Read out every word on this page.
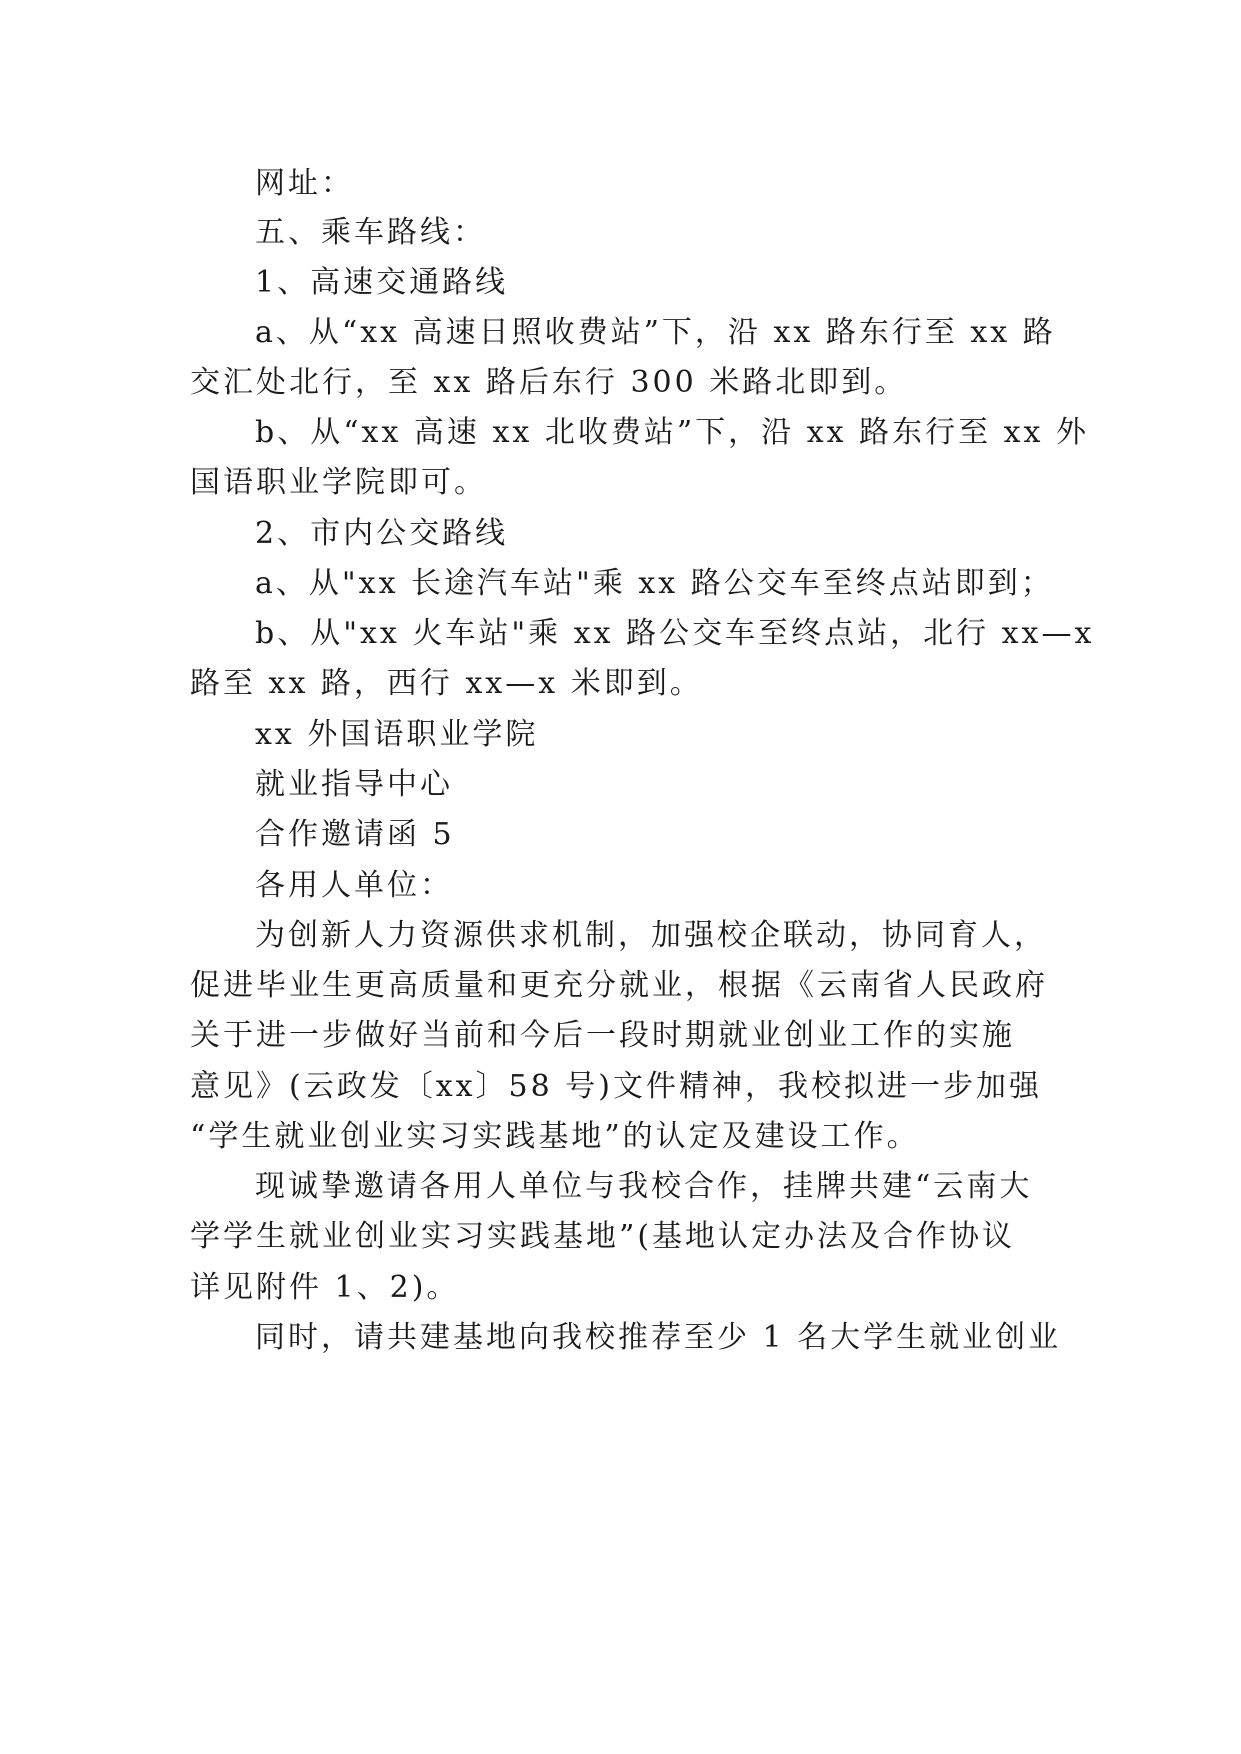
网址：
五、乘车路线：
1、高速交通路线
a、从“xx 高速日照收费站”下，沿 xx 路东行至 xx 路
交汇处北行，至 xx 路后东行 300 米路北即到。
b、从“xx 高速 xx 北收费站”下，沿 xx 路东行至 xx 外
国语职业学院即可。
2、市内公交路线
a、从"xx 长途汽车站"乘 xx 路公交车至终点站即到；
b、从"xx 火车站"乘 xx 路公交车至终点站，北行 xx—x
路至 xx 路，西行 xx—x 米即到。
xx 外国语职业学院
就业指导中心
合作邀请函 5
各用人单位：
为创新人力资源供求机制，加强校企联动，协同育人，
促进毕业生更高质量和更充分就业，根据《云南省人民政府
关于进一步做好当前和今后一段时期就业创业工作的实施
意见》(云政发〔xx〕58 号)文件精神，我校拟进一步加强
“学生就业创业实习实践基地”的认定及建设工作。
现诚挚邀请各用人单位与我校合作，挂牌共建“云南大
学学生就业创业实习实践基地”(基地认定办法及合作协议
详见附件 1、2)。
同时，请共建基地向我校推荐至少 1 名大学生就业创业
